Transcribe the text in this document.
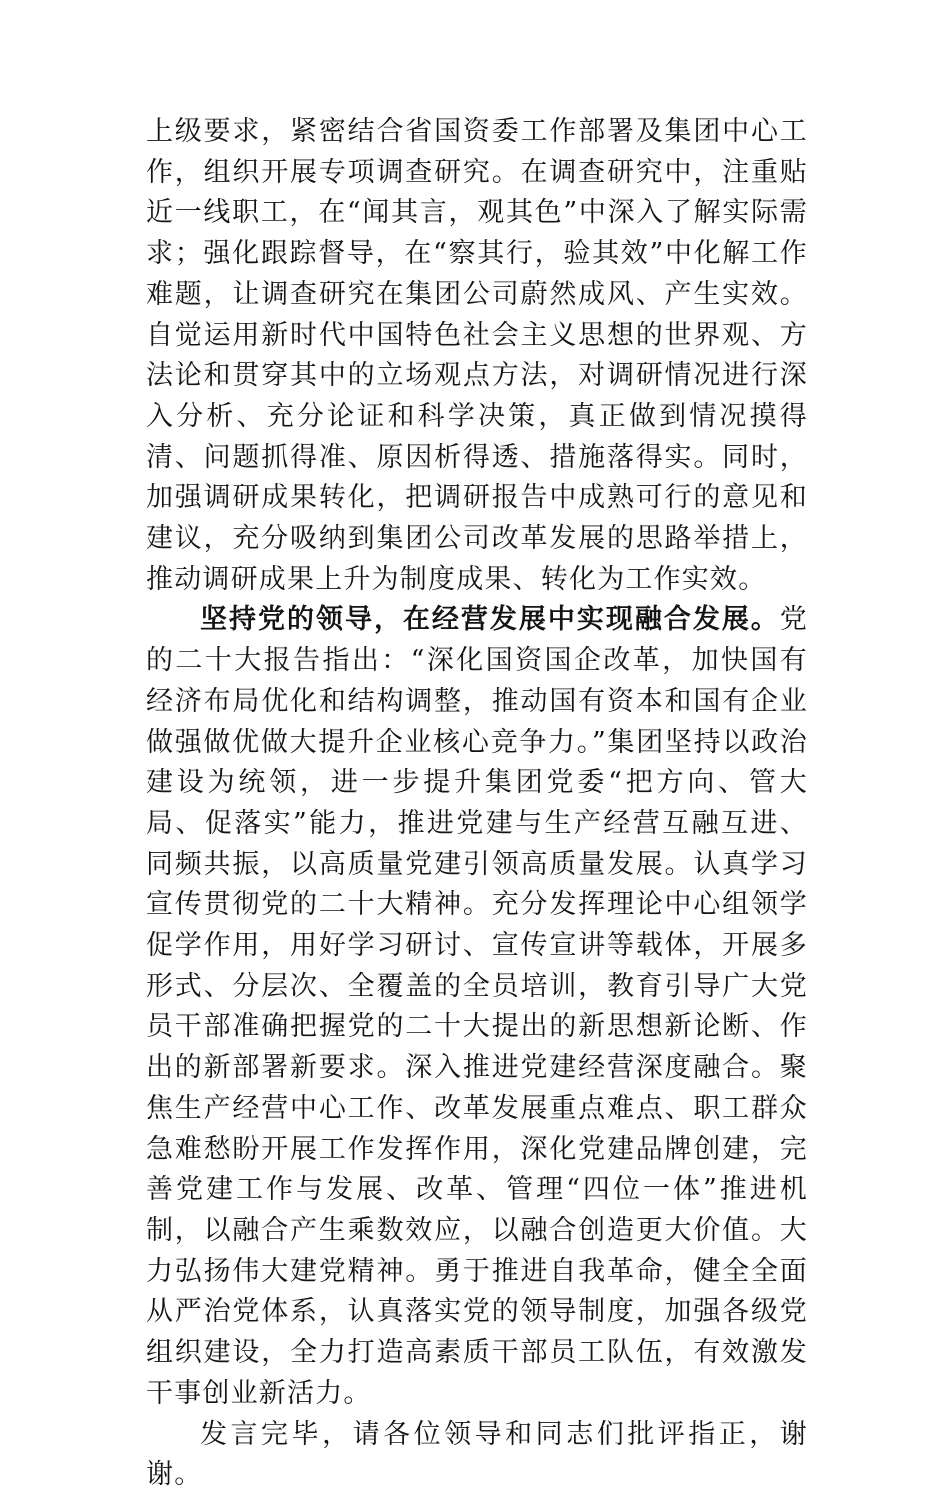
上级要求，紧密结合省国资委工作部署及集团中心工作，组织开展专项调查研究。在调查研究中，注重贴近一线职工，在“闻其言，观其色”中深入了解实际需求；强化跟踪督导，在“察其行，验其效”中化解工作难题，让调查研究在集团公司蔚然成风、产生实效。自觉运用新时代中国特色社会主义思想的世界观、方法论和贯穿其中的立场观点方法，对调研情况进行深入分析、充分论证和科学决策，真正做到情况摸得清、问题抓得准、原因析得透、措施落得实。同时，加强调研成果转化，把调研报告中成熟可行的意见和建议，充分吸纳到集团公司改革发展的思路举措上，推动调研成果上升为制度成果、转化为工作实效。

坚持党的领导，在经营发展中实现融合发展。党的二十大报告指出：“深化国资国企改革，加快国有经济布局优化和结构调整，推动国有资本和国有企业做强做优做大提升企业核心竞争力。”集团坚持以政治建设为统领，进一步提升集团党委“把方向、管大局、促落实”能力，推进党建与生产经营互融互进、同频共振，以高质量党建引领高质量发展。认真学习宣传贯彻党的二十大精神。充分发挥理论中心组领学促学作用，用好学习研讨、宣传宣讲等载体，开展多形式、分层次、全覆盖的全员培训，教育引导广大党员干部准确把握党的二十大提出的新思想新论断、作出的新部署新要求。深入推进党建经营深度融合。聚焦生产经营中心工作、改革发展重点难点、职工群众急难愁盼开展工作发挥作用，深化党建品牌创建，完善党建工作与发展、改革、管理“四位一体”推进机制，以融合产生乘数效应，以融合创造更大价值。大力弘扬伟大建党精神。勇于推进自我革命，健全全面从严治党体系，认真落实党的领导制度，加强各级党组织建设，全力打造高素质干部员工队伍，有效激发干事创业新活力。

发言完毕，请各位领导和同志们批评指正，谢谢。
